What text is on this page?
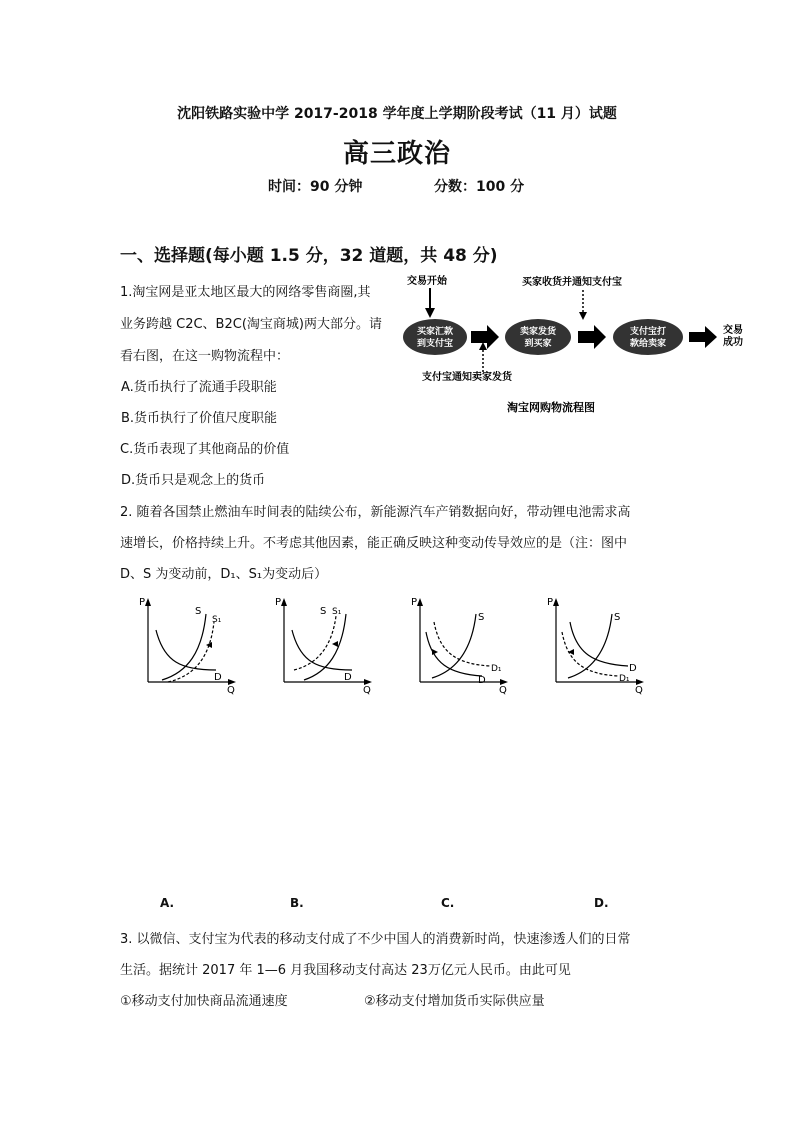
沈阳铁路实验中学 2017-2018 学年度上学期阶段考试（11 月）试题
高三政治
时间：90 分钟	分数：100 分
一、选择题(每小题 1.5 分，32 道题，共 48 分)
1.淘宝网是亚太地区最大的网络零售商圈,其
业务跨越 C2C、B2C(淘宝商城)两大部分。请
看右图，在这一购物流程中：
A.货币执行了流通手段职能
B.货币执行了价值尺度职能
C.货币表现了其他商品的价值
D.货币只是观念上的货币
交易开始	买家收货并通知支付宝
买家汇款
到支付宝
卖家发货
到买家
支付宝打
款给卖家
交易
成功
支付宝通知卖家发货
淘宝网购物流程图
2. 随着各国禁止燃油车时间表的陆续公布，新能源汽车产销数据向好，带动锂电池需求高
速增长，价格持续上升。不考虑其他因素，能正确反映这种变动传导效应的是（注：图中
D、S 为变动前，D₁、S₁为变动后）
P
Q
S
S₁
D
P
Q
S S₁
D
P
Q
S
D₁
D
P
Q
S
D
D₁
A.	B.	C.	D.
3. 以微信、支付宝为代表的移动支付成了不少中国人的消费新时尚，快速渗透人们的日常
生活。据统计 2017 年 1—6 月我国移动支付高达 23万亿元人民币。由此可见
①移动支付加快商品流通速度	②移动支付增加货币实际供应量
